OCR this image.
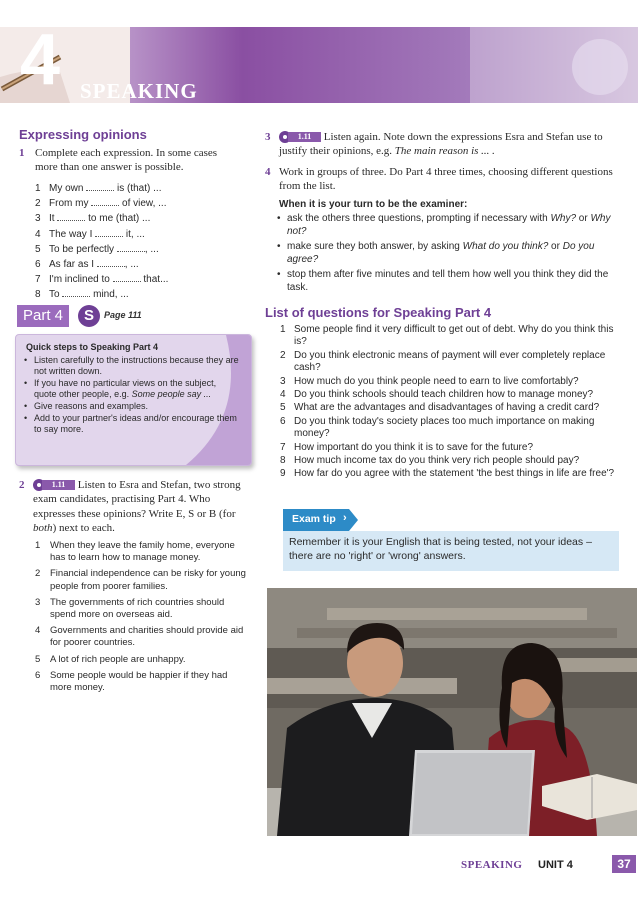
4 SPEAKING
Expressing opinions
1 Complete each expression. In some cases more than one answer is possible.
1 My own	is (that) ...
2 From my	of view, ...
3 It	to me (that) ...
4 The way I	it, ...
5 To be perfectly	, ...
6 As far as I	, ...
7 I'm inclined to	that...
8 To	mind, ...
Part 4	S	Page 111
Quick steps to Speaking Part 4
• Listen carefully to the instructions because they are not written down.
• If you have no particular views on the subject, quote other people, e.g. Some people say ...
• Give reasons and examples.
• Add to your partner's ideas and/or encourage them to say more.
2	1.11	Listen to Esra and Stefan, two strong exam candidates, practising Part 4. Who expresses these opinions? Write E, S or B (for both) next to each.
1 When they leave the family home, everyone has to learn how to manage money.
2 Financial independence can be risky for young people from poorer families.
3 The governments of rich countries should spend more on overseas aid.
4 Governments and charities should provide aid for poorer countries.
5 A lot of rich people are unhappy.
6 Some people would be happier if they had more money.
3	1.11	Listen again. Note down the expressions Esra and Stefan use to justify their opinions, e.g. The main reason is ... .
4 Work in groups of three. Do Part 4 three times, choosing different questions from the list.
When it is your turn to be the examiner:
• ask the others three questions, prompting if necessary with Why? or Why not?
• make sure they both answer, by asking What do you think? or Do you agree?
• stop them after five minutes and tell them how well you think they did the task.
List of questions for Speaking Part 4
1 Some people find it very difficult to get out of debt. Why do you think this is?
2 Do you think electronic means of payment will ever completely replace cash?
3 How much do you think people need to earn to live comfortably?
4 Do you think schools should teach children how to manage money?
5 What are the advantages and disadvantages of having a credit card?
6 Do you think today's society places too much importance on making money?
7 How important do you think it is to save for the future?
8 How much income tax do you think very rich people should pay?
9 How far do you agree with the statement 'the best things in life are free'?
Exam tip ›
Remember it is your English that is being tested, not your ideas – there are no 'right' or 'wrong' answers.
SPEAKING UNIT 4	37
